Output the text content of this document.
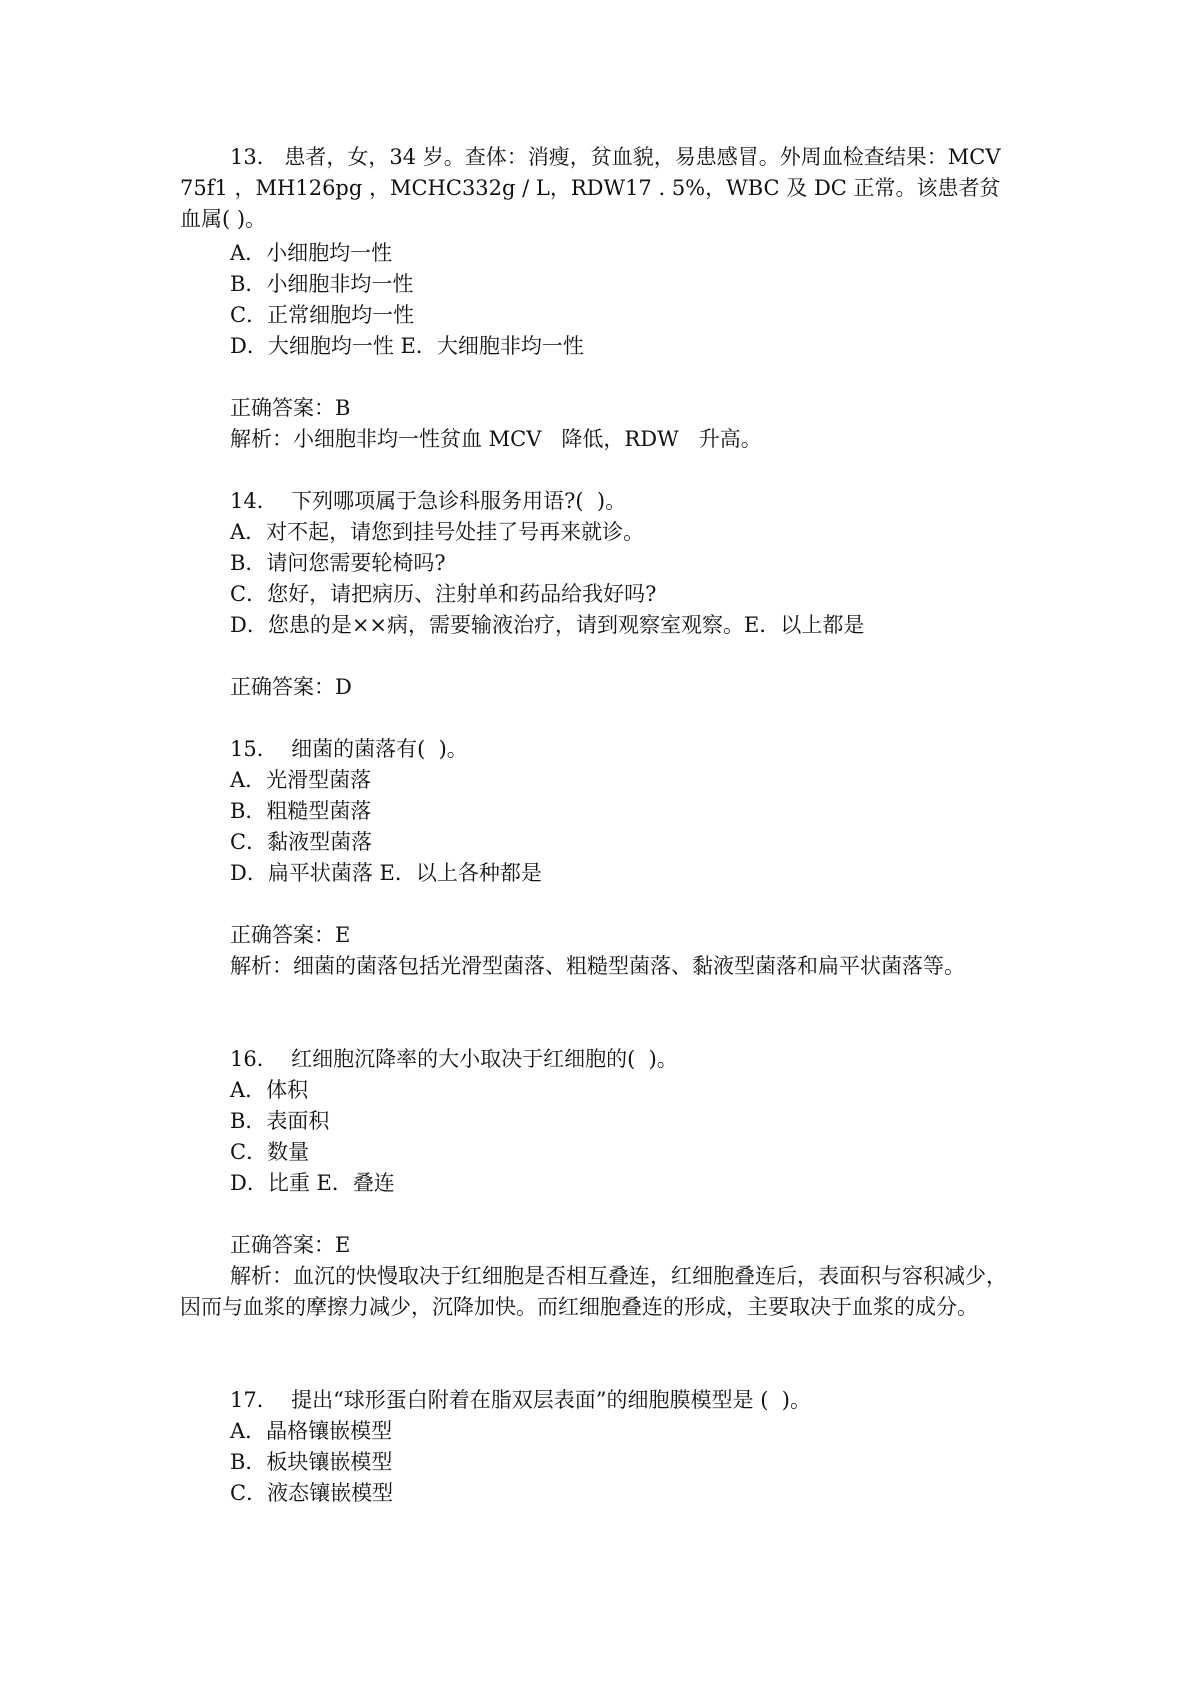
13． 患者，女，34 岁。查体：消瘦，贫血貌，易患感冒。外周血检查结果：MCV75f1 ，MH126pg ，MCHC332g / L，RDW17 . 5%，WBC 及 DC 正常。该患者贫血属( )。
A．小细胞均一性
B．小细胞非均一性
C．正常细胞均一性
D．大细胞均一性 E．大细胞非均一性
正确答案：B
解析：小细胞非均一性贫血 MCV   降低，RDW   升高。
14．  下列哪项属于急诊科服务用语?(  )。
A．对不起，请您到挂号处挂了号再来就诊。
B．请问您需要轮椅吗?
C．您好，请把病历、注射单和药品给我好吗?
D．您患的是××病，需要输液治疗，请到观察室观察。E．以上都是
正确答案：D
15．  细菌的菌落有(  )。
A．光滑型菌落
B．粗糙型菌落
C．黏液型菌落
D．扁平状菌落 E．以上各种都是
正确答案：E
解析：细菌的菌落包括光滑型菌落、粗糙型菌落、黏液型菌落和扁平状菌落等。
16．  红细胞沉降率的大小取决于红细胞的(  )。
A．体积
B．表面积
C．数量
D．比重 E．叠连
正确答案：E
解析：血沉的快慢取决于红细胞是否相互叠连，红细胞叠连后，表面积与容积减少，因而与血浆的摩擦力减少，沉降加快。而红细胞叠连的形成，主要取决于血浆的成分。
17．  提出“球形蛋白附着在脂双层表面”的细胞膜模型是 (  )。
A．晶格镶嵌模型
B．板块镶嵌模型
C．液态镶嵌模型
